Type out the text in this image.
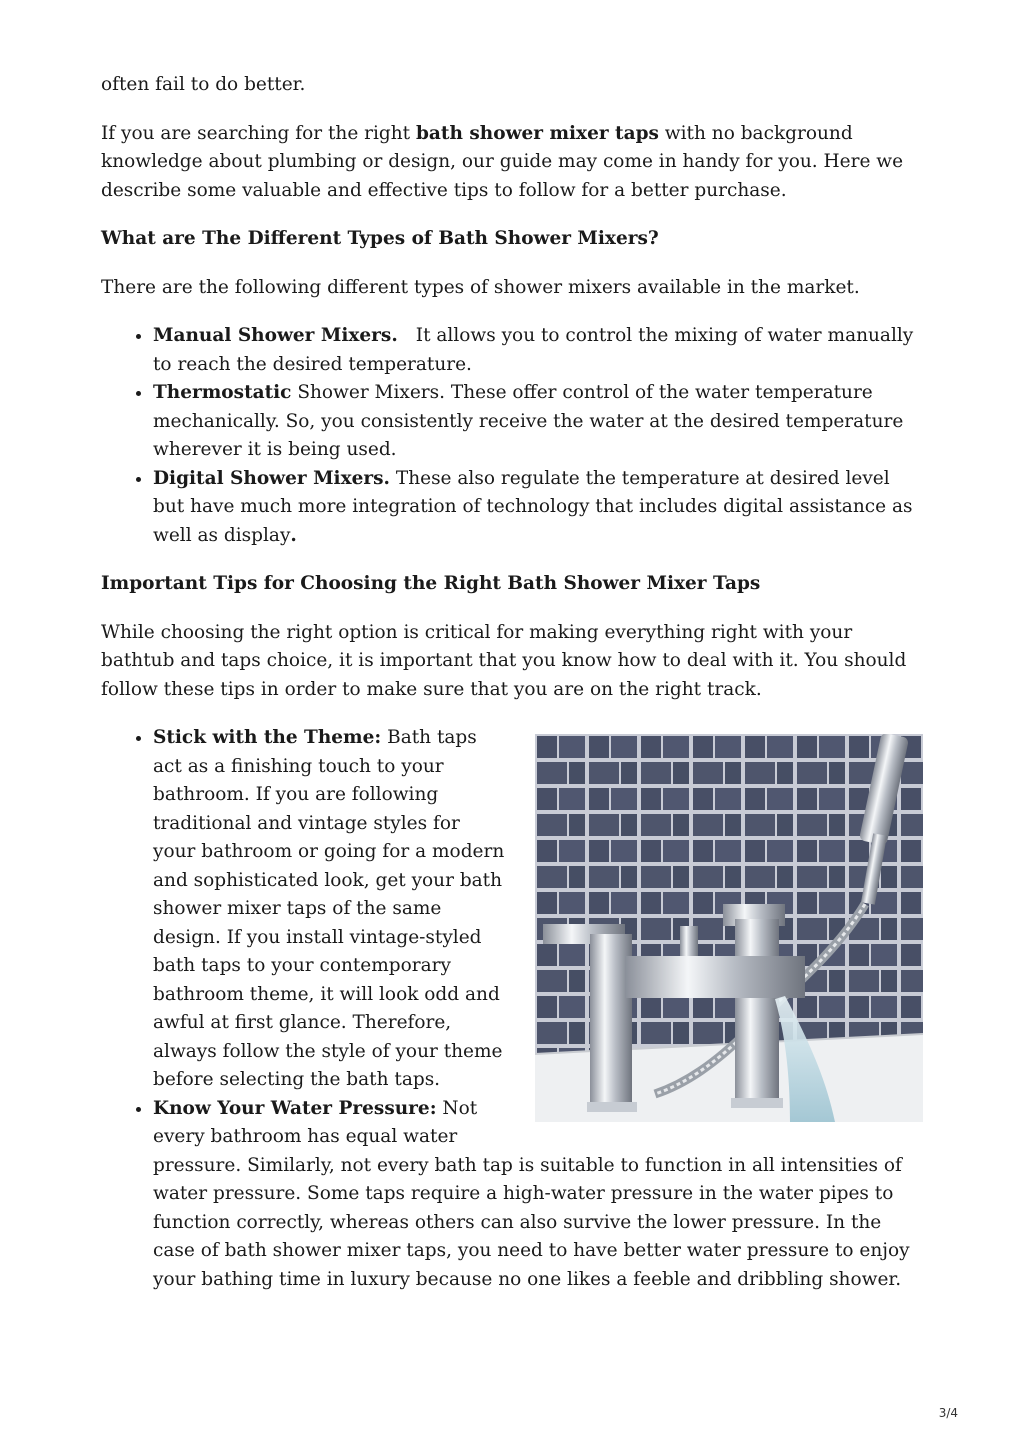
often fail to do better.

If you are searching for the right bath shower mixer taps with no background knowledge about plumbing or design, our guide may come in handy for you. Here we describe some valuable and effective tips to follow for a better purchase.

What are The Different Types of Bath Shower Mixers?

There are the following different types of shower mixers available in the market.

• Manual Shower Mixers. It allows you to control the mixing of water manually to reach the desired temperature.
• Thermostatic Shower Mixers. These offer control of the water temperature mechanically. So, you consistently receive the water at the desired temperature wherever it is being used.
• Digital Shower Mixers. These also regulate the temperature at desired level but have much more integration of technology that includes digital assistance as well as display.
Important Tips for Choosing the Right Bath Shower Mixer Taps

While choosing the right option is critical for making everything right with your bathtub and taps choice, it is important that you know how to deal with it. You should follow these tips in order to make sure that you are on the right track.

• Stick with the Theme: Bath taps act as a finishing touch to your bathroom. If you are following traditional and vintage styles for your bathroom or going for a modern and sophisticated look, get your bath shower mixer taps of the same design. If you install vintage-styled bath taps to your contemporary bathroom theme, it will look odd and awful at first glance. Therefore, always follow the style of your theme before selecting the bath taps.
• Know Your Water Pressure: Not every bathroom has equal water pressure. Similarly, not every bath tap is suitable to function in all intensities of water pressure. Some taps require a high-water pressure in the water pipes to function correctly, whereas others can also survive the lower pressure. In the case of bath shower mixer taps, you need to have better water pressure to enjoy your bathing time in luxury because no one likes a feeble and dribbling shower.
3/4
